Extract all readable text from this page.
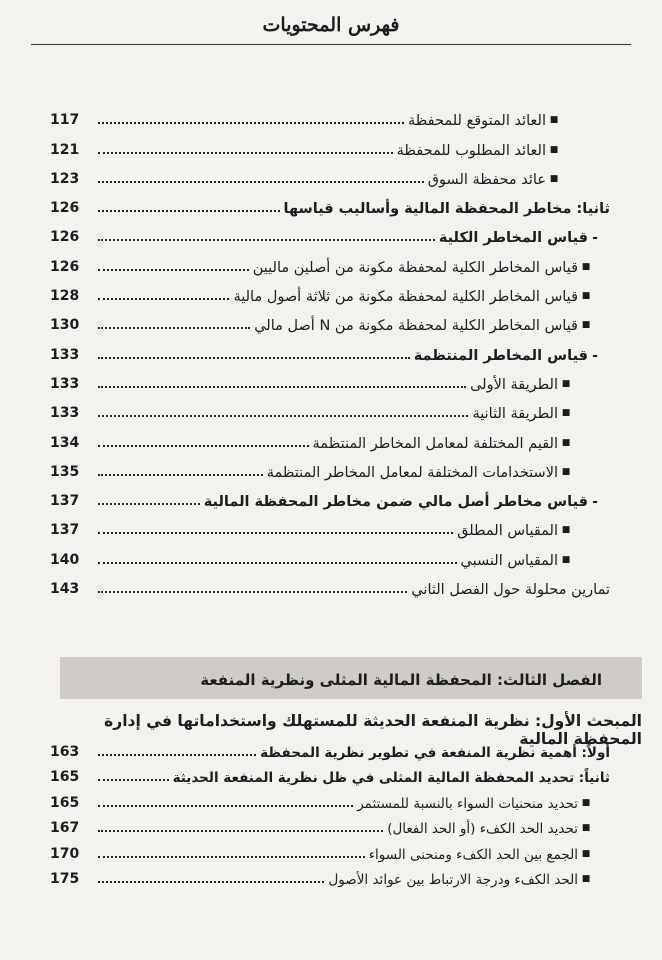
فهرس المحتويات
117	العائد المتوقع للمحفظة ■
121	العائد المطلوب للمحفظة ■
123	عائد محفظة السوق ■
126	ثانيا: مخاطر المحفظة المالية وأساليب قياسها
126	قياس المخاطر الكلية -
126	قياس المخاطر الكلية لمحفظة مكونة من أصلين ماليين ■
128	قياس المخاطر الكلية لمحفظة مكونة من ثلاثة أصول مالية ■
130	قياس المخاطر الكلية لمحفظة مكونة من N أصل مالي ■
133	قياس المخاطر المنتظمة -
133	الطريقة الأولى ■
133	الطريقة الثانية ■
134	القيم المختلفة لمعامل المخاطر المنتظمة ■
135	الاستخدامات المختلفة لمعامل المخاطر المنتظمة ■
137	قياس مخاطر أصل مالي ضمن مخاطر المحفظة المالية -
137	المقياس المطلق ■
140	المقياس النسبي ■
143	تمارين محلولة حول الفصل الثاني
الفصل الثالث: المحفظة المالية المثلى ونظرية المنفعة
المبحث الأول: نظرية المنفعة الحديثة للمستهلك واستخداماتها في إدارة المحفظة المالية
163	أولاً: أهمية نظرية المنفعة في تطوير نظرية المحفظة
165	ثانياً: تحديد المحفظة المالية المثلى في ظل نظرية المنفعة الحديثة
165	تحديد منحنيات السواء بالنسبة للمستثمر ■
167	تحديد الحد الكفء (أو الحد الفعال) ■
170	الجمع بين الحد الكفء ومنحنى السواء ■
175	الحد الكفء ودرجة الارتباط بين عوائد الأصول ■
